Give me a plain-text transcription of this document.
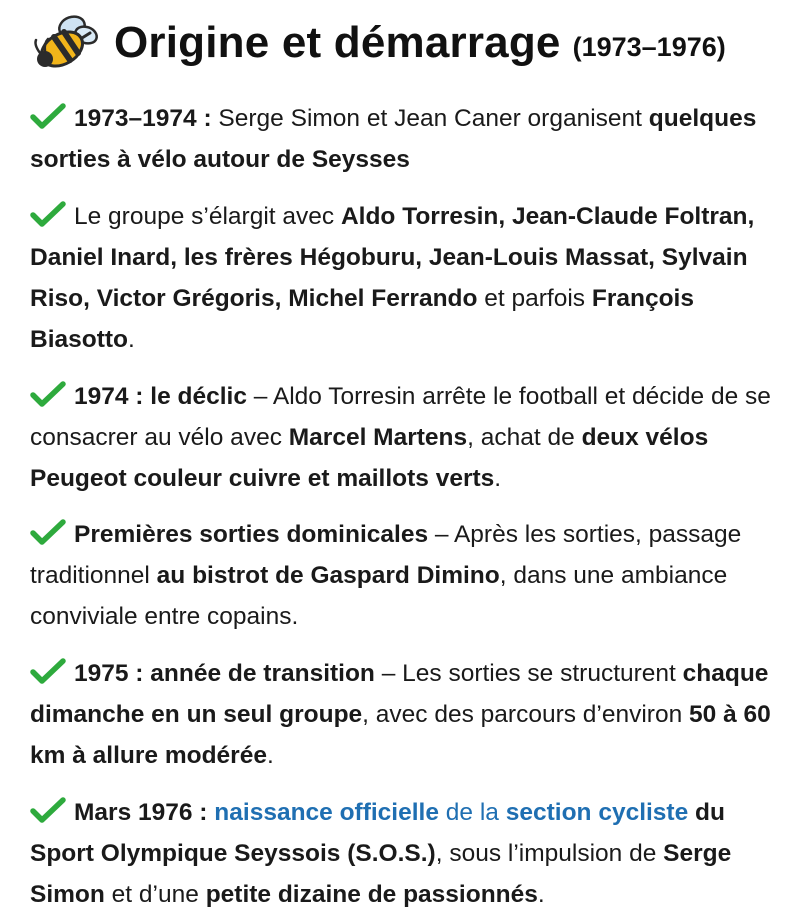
Origine et démarrage (1973–1976)
1973–1974 : Serge Simon et Jean Caner organisent quelques sorties à vélo autour de Seysses
Le groupe s’élargit avec Aldo Torresin, Jean-Claude Foltran, Daniel Inard, les frères Hégoburu, Jean-Louis Massat, Sylvain Riso, Victor Grégoris, Michel Ferrando et parfois François Biasotto.
1974 : le déclic – Aldo Torresin arrête le football et décide de se consacrer au vélo avec Marcel Martens, achat de deux vélos Peugeot couleur cuivre et maillots verts.
Premières sorties dominicales – Après les sorties, passage traditionnel au bistrot de Gaspard Dimino, dans une ambiance conviviale entre copains.
1975 : année de transition – Les sorties se structurent chaque dimanche en un seul groupe, avec des parcours d’environ 50 à 60 km à allure modérée.
Mars 1976 : naissance officielle de la section cycliste du Sport Olympique Seyssois (S.O.S.), sous l’impulsion de Serge Simon et d’une petite dizaine de passionnés.
